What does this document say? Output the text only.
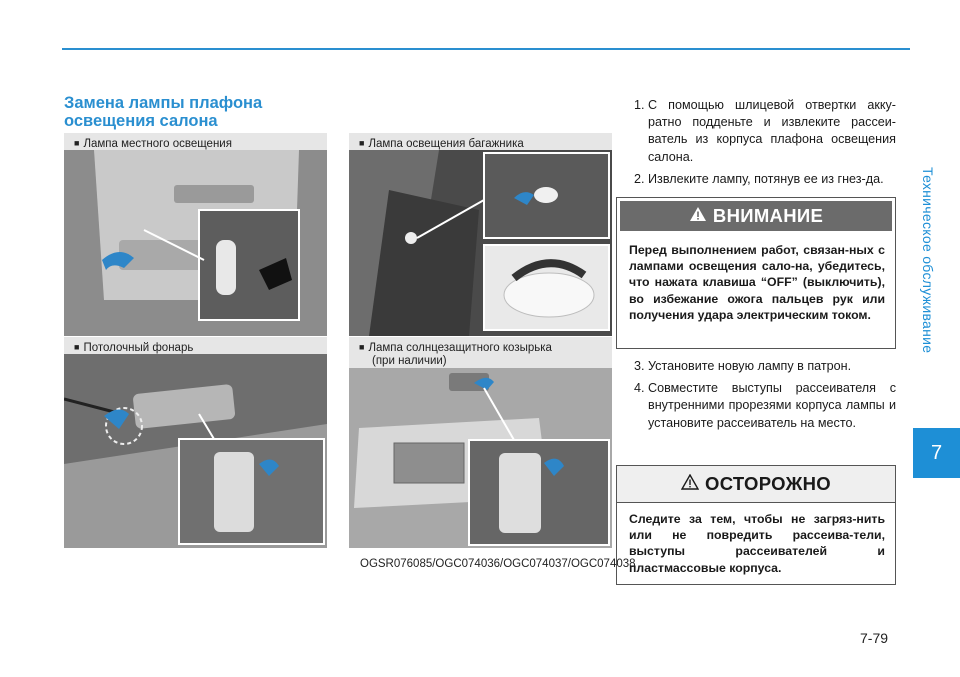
Техническое обслуживание
7
Замена лампы плафона освещения салона
■ Лампа местного освещения	■ Лампа освещения багажника
■ Потолочный фонарь	■ Лампа солнцезащитного козырька
(при наличии)
OGSR076085/OGC074036/OGC074037/OGC074038
1. С помощью шлицевой отвертки акку-ратно подденьте и извлеките рассеи-ватель из корпуса плафона освещения салона.
2. Извлеките лампу, потянув ее из гнез-да.
ВНИМАНИЕ
Перед выполнением работ, связан-ных с лампами освещения сало-на, убедитесь, что нажата клавиша “OFF” (выключить), во избежание ожога пальцев рук или получения удара электрическим током.
3. Установите новую лампу в патрон.
4. Совместите выступы рассеивателя с внутренними прорезями корпуса лампы и установите рассеиватель на место.
ОСТОРОЖНО
Следите за тем, чтобы не загряз-нить или не повредить рассеива-тели, выступы рассеивателей и пластмассовые корпуса.
7-79
